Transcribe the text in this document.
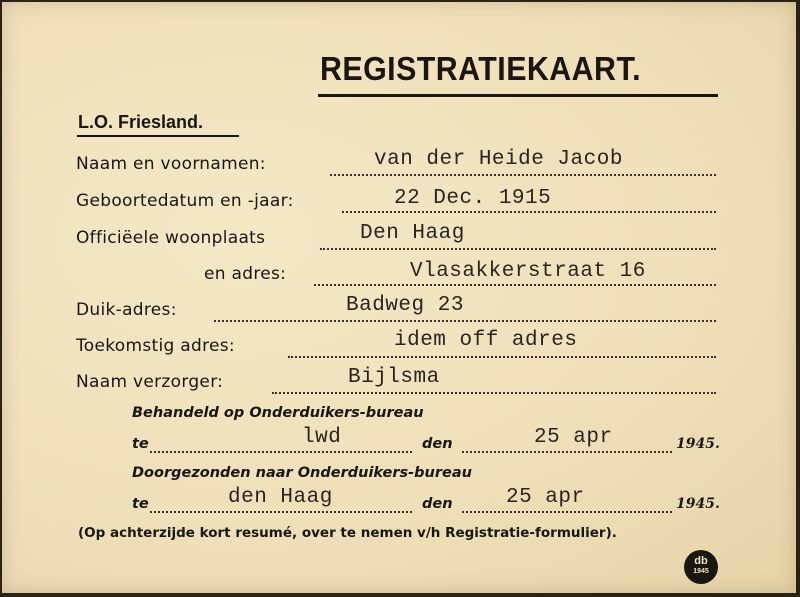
REGISTRATIEKAART.
L.O. Friesland.
Naam en voornamen:	van der Heide Jacob
Geboortedatum en -jaar:	22 Dec. 1915
Officiëele woonplaats	Den Haag
en adres:	Vlasakkerstraat 16
Duik-adres:	Badweg 23
Toekomstig adres:	idem off adres
Naam verzorger:	Bijlsma
Behandeld op Onderduikers-bureau
te	lwd	den	25 apr	1945.
Doorgezonden naar Onderduikers-bureau
te	den Haag	den	25 apr	1945.
(Op achterzijde kort resumé, over te nemen v/h Registratie-formulier).
db
1945
